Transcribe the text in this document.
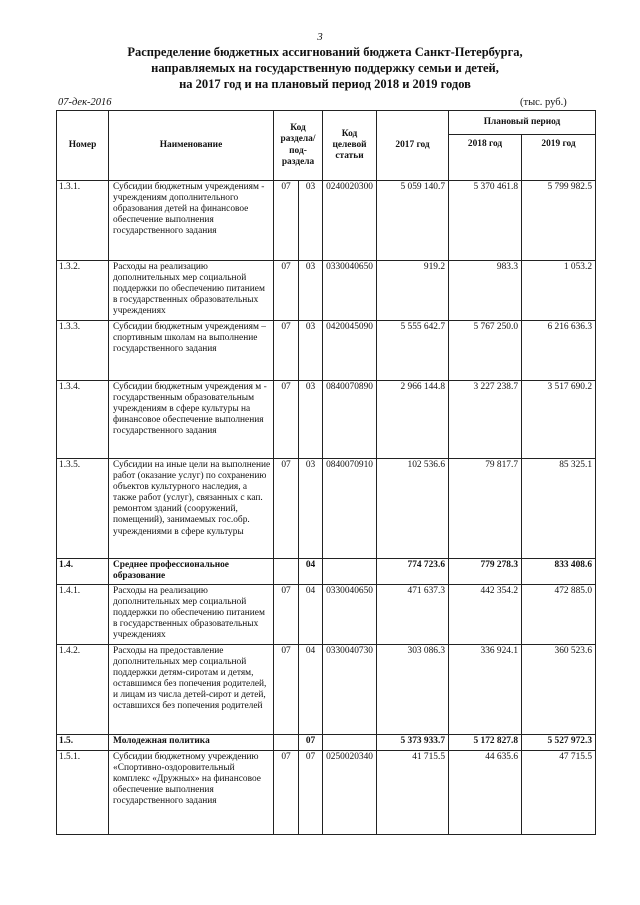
3
Распределение бюджетных ассигнований бюджета Санкт-Петербурга,
направляемых на государственную поддержку семьи и детей,
на 2017 год и на плановый период 2018 и 2019 годов
07-дек-2016	(тыс. руб.)
Номер	Наименование	Код раздела/ под-раздела		Код целевой статьи	2017 год	Плановый период	
						2018 год	2019 год
1.3.1.	Субсидии бюджетным учреждениям - учреждениям дополнительного образования детей на финансовое обеспечение выполнения государственного задания	07	03	0240020300	5 059 140.7	5 370 461.8	5 799 982.5
1.3.2.	Расходы на реализацию дополнительных мер социальной поддержки по обеспечению питанием в государственных образовательных учреждениях	07	03	0330040650	919.2	983.3	1 053.2
1.3.3.	Субсидии бюджетным учреждениям – спортивным школам на выполнение государственного задания	07	03	0420045090	5 555 642.7	5 767 250.0	6 216 636.3
1.3.4.	Субсидии бюджетным учреждения м - государственным образовательным учреждениям в сфере культуры на финансовое обеспечение выполнения государственного задания	07	03	0840070890	2 966 144.8	3 227 238.7	3 517 690.2
1.3.5.	Субсидии на иные цели на выполнение работ (оказание услуг) по сохранению объектов культурного наследия, а также работ (услуг), связанных с кап. ремонтом зданий (сооружений, помещений), занимаемых гос.обр. учреждениями в сфере культуры	07	03	0840070910	102 536.6	79 817.7	85 325.1
1.4.	Среднее профессиональное образование		04		774 723.6	779 278.3	833 408.6
1.4.1.	Расходы на реализацию дополнительных мер социальной поддержки по обеспечению питанием в государственных образовательных учреждениях	07	04	0330040650	471 637.3	442 354.2	472 885.0
1.4.2.	Расходы на предоставление дополнительных мер социальной поддержки детям-сиротам и детям, оставшимся без попечения родителей, и лицам из числа детей-сирот и детей, оставшихся без попечения родителей	07	04	0330040730	303 086.3	336 924.1	360 523.6
1.5.	Молодежная политика		07		5 373 933.7	5 172 827.8	5 527 972.3
1.5.1.	Субсидии бюджетному учреждению «Спортивно-оздоровительный комплекс «Дружных» на финансовое обеспечение выполнения государственного задания	07	07	0250020340	41 715.5	44 635.6	47 715.5
